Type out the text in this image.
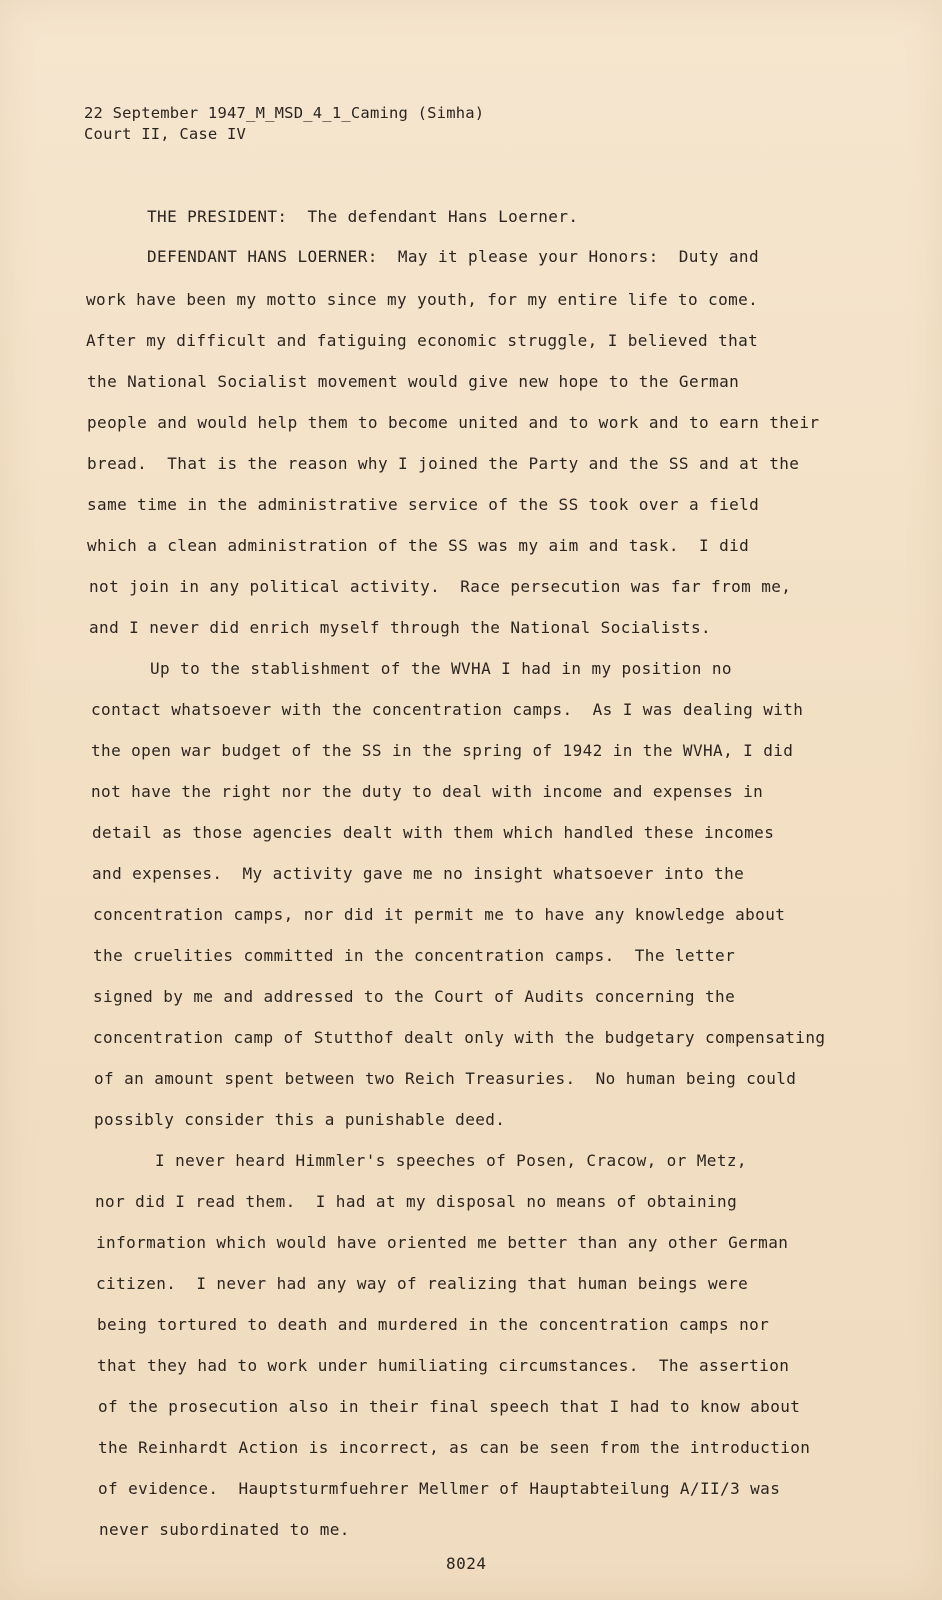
22 September 1947_M_MSD_4_1_Caming (Simha)
Court II, Case IV
THE PRESIDENT:  The defendant Hans Loerner.
DEFENDANT HANS LOERNER:  May it please your Honors:  Duty and
work have been my motto since my youth, for my entire life to come.
After my difficult and fatiguing economic struggle, I believed that
the National Socialist movement would give new hope to the German
people and would help them to become united and to work and to earn their
bread.  That is the reason why I joined the Party and the SS and at the
same time in the administrative service of the SS took over a field
which a clean administration of the SS was my aim and task.  I did
not join in any political activity.  Race persecution was far from me,
and I never did enrich myself through the National Socialists.
Up to the stablishment of the WVHA I had in my position no
contact whatsoever with the concentration camps.  As I was dealing with
the open war budget of the SS in the spring of 1942 in the WVHA, I did
not have the right nor the duty to deal with income and expenses in
detail as those agencies dealt with them which handled these incomes
and expenses.  My activity gave me no insight whatsoever into the
concentration camps, nor did it permit me to have any knowledge about
the cruelities committed in the concentration camps.  The letter
signed by me and addressed to the Court of Audits concerning the
concentration camp of Stutthof dealt only with the budgetary compensating
of an amount spent between two Reich Treasuries.  No human being could
possibly consider this a punishable deed.
I never heard Himmler's speeches of Posen, Cracow, or Metz,
nor did I read them.  I had at my disposal no means of obtaining
information which would have oriented me better than any other German
citizen.  I never had any way of realizing that human beings were
being tortured to death and murdered in the concentration camps nor
that they had to work under humiliating circumstances.  The assertion
of the prosecution also in their final speech that I had to know about
the Reinhardt Action is incorrect, as can be seen from the introduction
of evidence.  Hauptsturmfuehrer Mellmer of Hauptabteilung A/II/3 was
never subordinated to me.
8024
